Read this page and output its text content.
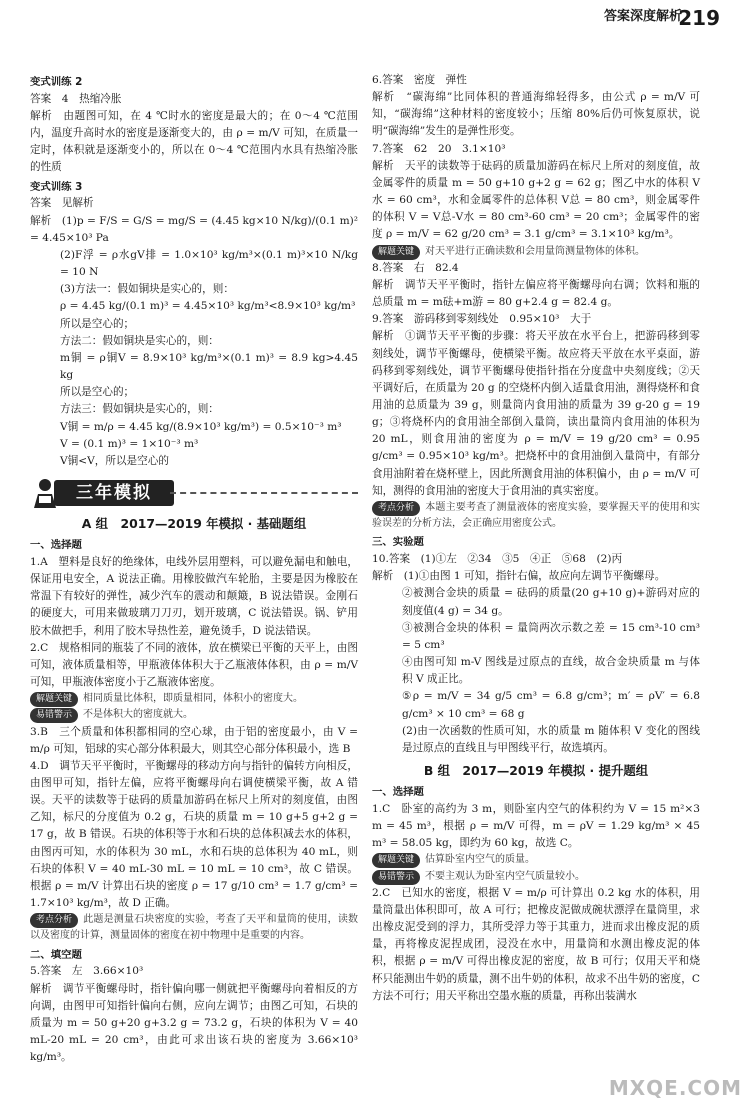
答案深度解析
219

变式训练 2

答案　4　热缩冷胀

解析　由题图可知，在 4 ℃时水的密度是最大的；在 0～4 ℃范围内，温度升高时水的密度是逐渐变大的，由 ρ = m/V 可知，在质量一定时，体积就是逐渐变小的，所以在 0～4 ℃范围内水具有热缩冷胀的性质

变式训练 3

答案　见解析

解析　(1)p = F/S = G/S = mg/S = (4.45 kg×10 N/kg)/(0.1 m)² = 4.45×10³ Pa

(2)F浮 = ρ水gV排 = 1.0×10³ kg/m³×(0.1 m)³×10 N/kg = 10 N

(3)方法一：假如铜块是实心的，则：

ρ = 4.45 kg/(0.1 m)³ = 4.45×10³ kg/m³<8.9×10³ kg/m³

所以是空心的；

方法二：假如铜块是实心的，则：

m铜 = ρ铜V = 8.9×10³ kg/m³×(0.1 m)³ = 8.9 kg>4.45 kg

所以是空心的；

方法三：假如铜块是实心的，则：

V铜 = m/ρ = 4.45 kg/(8.9×10³ kg/m³) = 0.5×10⁻³ m³

V = (0.1 m)³ = 1×10⁻³ m³

V铜<V，所以是空心的

三年模拟

A 组　2017—2019 年模拟 · 基础题组

一、选择题

1.A　塑料是良好的绝缘体，电线外层用塑料，可以避免漏电和触电，保证用电安全，A 说法正确。用橡胶做汽车轮胎，主要是因为橡胶在常温下有较好的弹性，减少汽车的震动和颠簸，B 说法错误。金刚石的硬度大，可用来做玻璃刀刀刃，划开玻璃，C 说法错误。锅、铲用胶木做把手，利用了胶木导热性差，避免烫手，D 说法错误。

2.C　规格相同的瓶装了不同的液体，放在横梁已平衡的天平上，由图可知，液体质量相等，甲瓶液体体积大于乙瓶液体体积，由 ρ = m/V 可知，甲瓶液体密度小于乙瓶液体密度。

解题关键 相同质量比体积，即质量相同，体积小的密度大。

易错警示 不是体积大的密度就大。

3.B　三个质量和体积都相同的空心球，由于铝的密度最小，由 V = m/ρ 可知，铝球的实心部分体积最大，则其空心部分体积最小，选 B

4.D　调节天平平衡时，平衡螺母的移动方向与指针的偏转方向相反，由图甲可知，指针左偏，应将平衡螺母向右调使横梁平衡，故 A 错误。天平的读数等于砝码的质量加游码在标尺上所对的刻度值，由图乙知，标尺的分度值为 0.2 g，石块的质量 m = 10 g+5 g+2 g = 17 g，故 B 错误。石块的体积等于水和石块的总体积减去水的体积，由图丙可知，水的体积为 30 mL，水和石块的总体积为 40 mL，则石块的体积 V = 40 mL-30 mL = 10 mL = 10 cm³，故 C 错误。根据 ρ = m/V 计算出石块的密度 ρ = 17 g/10 cm³ = 1.7 g/cm³ = 1.7×10³ kg/m³，故 D 正确。

考点分析 此题是测量石块密度的实验，考查了天平和量筒的使用，读数以及密度的计算，测量固体的密度在初中物理中是重要的内容。

二、填空题

5.答案　左　3.66×10³

解析　调节平衡螺母时，指针偏向哪一侧就把平衡螺母向着相反的方向调，由图甲可知指针偏向右侧，应向左调节；由图乙可知，石块的质量为 m = 50 g+20 g+3.2 g = 73.2 g，石块的体积为 V = 40 mL-20 mL = 20 cm³，由此可求出该石块的密度为 3.66×10³ kg/m³。

6.答案　密度　弹性

解析　“碳海绵”比同体积的普通海绵轻得多，由公式 ρ = m/V 可知，“碳海绵”这种材料的密度较小；压缩 80%后仍可恢复原状，说明“碳海绵”发生的是弹性形变。

7.答案　62　20　3.1×10³

解析　天平的读数等于砝码的质量加游码在标尺上所对的刻度值，故金属零件的质量 m = 50 g+10 g+2 g = 62 g；图乙中水的体积 V水 = 60 cm³，水和金属零件的总体积 V总 = 80 cm³，则金属零件的体积 V = V总-V水 = 80 cm³-60 cm³ = 20 cm³；金属零件的密度 ρ = m/V = 62 g/20 cm³ = 3.1 g/cm³ = 3.1×10³ kg/m³。

解题关键 对天平进行正确读数和会用量筒测量物体的体积。

8.答案　右　82.4

解析　调节天平平衡时，指针左偏应将平衡螺母向右调；饮料和瓶的总质量 m = m砝+m游 = 80 g+2.4 g = 82.4 g。

9.答案　游码移到零刻线处　0.95×10³　大于

解析　①调节天平平衡的步骤：将天平放在水平台上，把游码移到零刻线处，调节平衡螺母，使横梁平衡。故应将天平放在水平桌面，游码移到零刻线处，调节平衡螺母使指针指在分度盘中央刻度线；②天平调好后，在质量为 20 g 的空烧杯内倒入适量食用油，测得烧杯和食用油的总质量为 39 g，则量筒内食用油的质量为 39 g-20 g = 19 g；③将烧杯内的食用油全部倒入量筒，读出量筒内食用油的体积为 20 mL，则食用油的密度为 ρ = m/V = 19 g/20 cm³ = 0.95 g/cm³ = 0.95×10³ kg/m³。把烧杯中的食用油倒入量筒中，有部分食用油附着在烧杯壁上，因此所测食用油的体积偏小，由 ρ = m/V 可知，测得的食用油的密度大于食用油的真实密度。

考点分析 本题主要考查了测量液体的密度实验，要掌握天平的使用和实验误差的分析方法，会正确应用密度公式。

三、实验题

10.答案　(1)①左　②34　③5　④正　⑤68　(2)丙

解析　(1)①由图 1 可知，指针右偏，故应向左调节平衡螺母。

②被测合金块的质量 = 砝码的质量(20 g+10 g)+游码对应的刻度值(4 g) = 34 g。

③被测合金块的体积 = 量筒两次示数之差 = 15 cm³-10 cm³ = 5 cm³

④由图可知 m-V 图线是过原点的直线，故合金块质量 m 与体积 V 成正比。

⑤ρ = m/V = 34 g/5 cm³ = 6.8 g/cm³；m′ = ρV′ = 6.8 g/cm³ × 10 cm³ = 68 g

(2)由一次函数的性质可知，水的质量 m 随体积 V 变化的图线是过原点的直线且与甲图线平行，故选填丙。

B 组　2017—2019 年模拟 · 提升题组

一、选择题

1.C　卧室的高约为 3 m，则卧室内空气的体积约为 V = 15 m²×3 m = 45 m³，根据 ρ = m/V 可得，m = ρV = 1.29 kg/m³ × 45 m³ = 58.05 kg，即约为 60 kg，故选 C。

解题关键 估算卧室内空气的质量。

易错警示 不要主观认为卧室内空气质量较小。

2.C　已知水的密度，根据 V = m/ρ 可计算出 0.2 kg 水的体积，用量筒量出体积即可，故 A 可行；把橡皮泥做成碗状漂浮在量筒里，求出橡皮泥受到的浮力，其所受浮力等于其重力，进而求出橡皮泥的质量，再将橡皮泥捏成团，浸没在水中，用量筒和水测出橡皮泥的体积，根据 ρ = m/V 可得出橡皮泥的密度，故 B 可行；仅用天平和烧杯只能测出牛奶的质量，测不出牛奶的体积，故求不出牛奶的密度，C 方法不可行；用天平称出空墨水瓶的质量，再称出装满水

MXQE.COM
